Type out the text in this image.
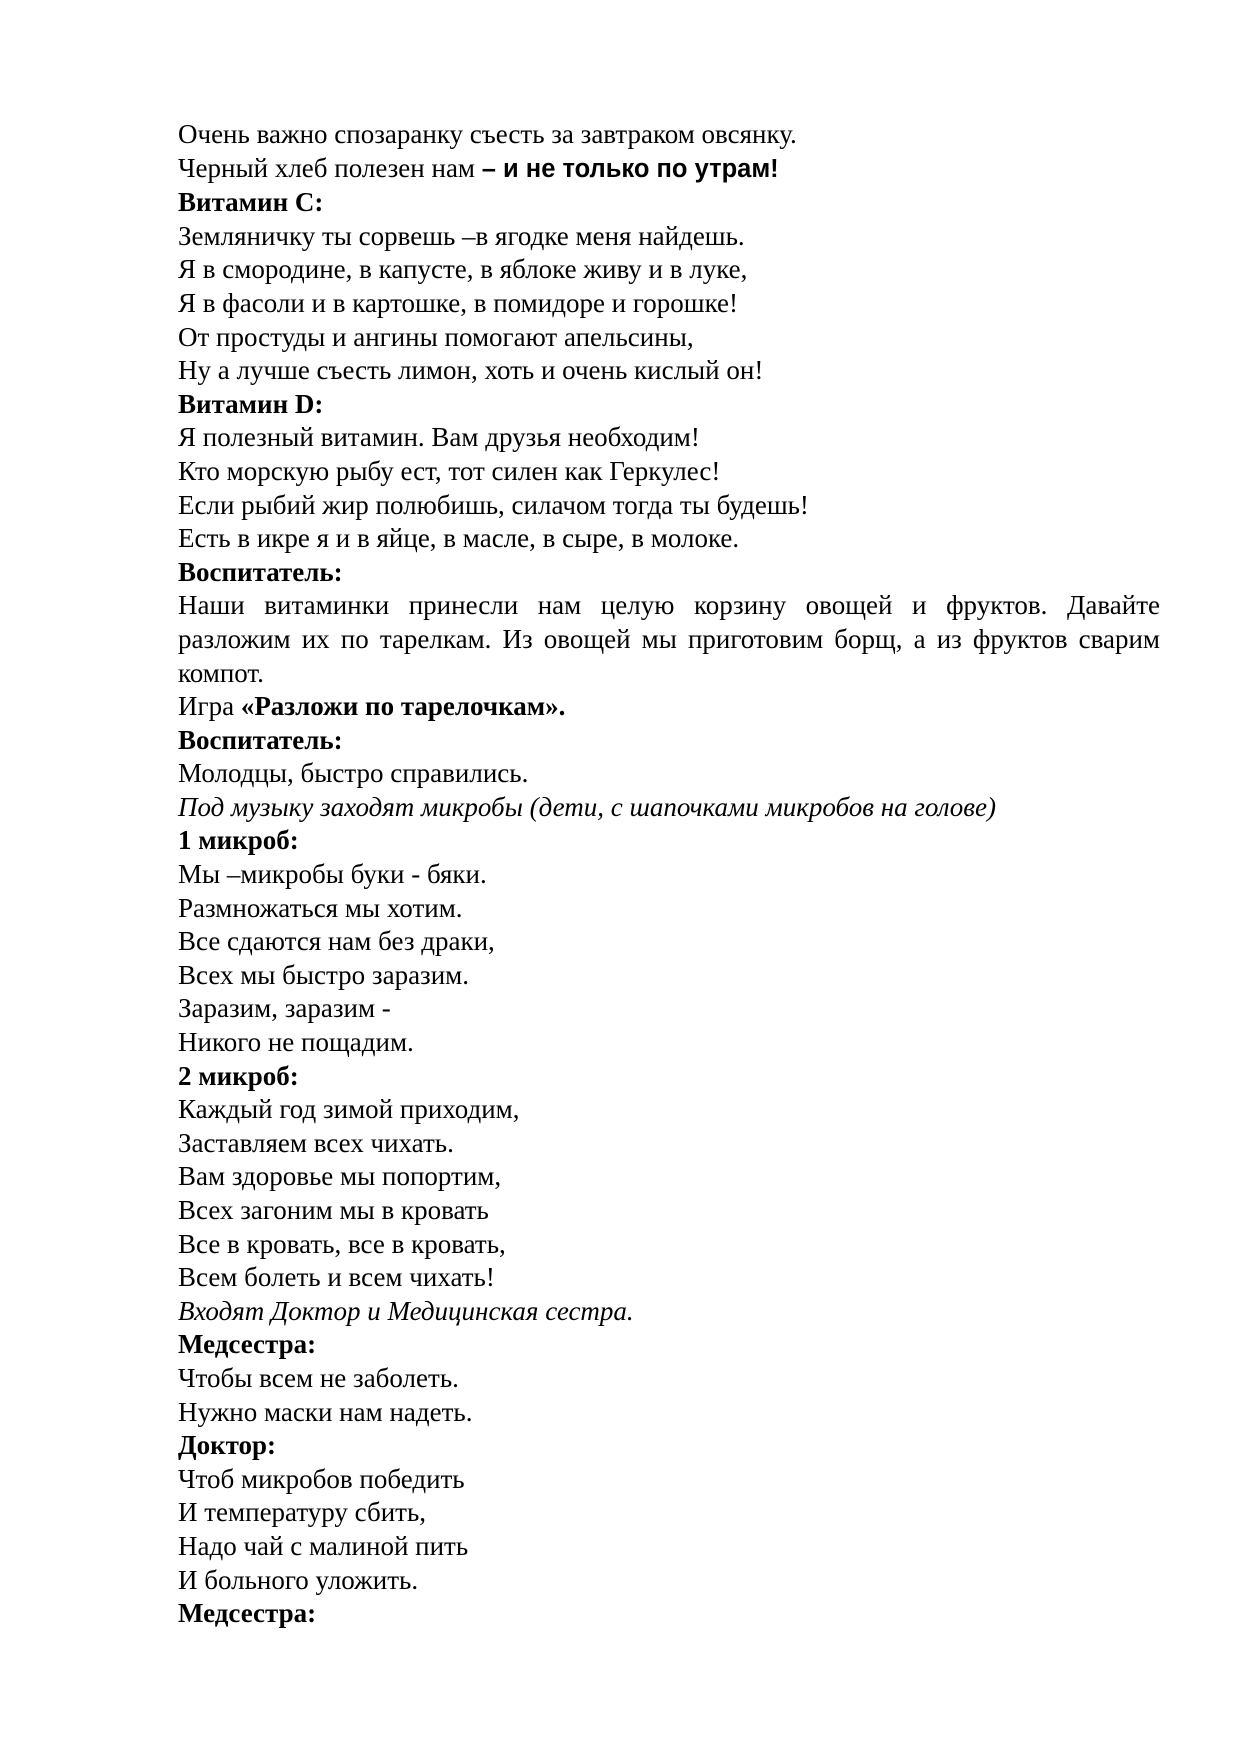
Очень важно спозаранку съесть за завтраком овсянку.
Черный хлеб полезен нам – и не только по утрам!
Витамин С:
Земляничку ты сорвешь –в ягодке меня найдешь.
Я в смородине, в капусте, в яблоке живу и в луке,
Я в фасоли и в картошке, в помидоре и горошке!
От простуды и ангины помогают апельсины,
Ну а лучше съесть лимон, хоть и очень кислый он!
Витамин D:
Я полезный витамин. Вам друзья необходим!
Кто морскую рыбу ест, тот силен как Геркулес!
Если рыбий жир полюбишь, силачом тогда ты будешь!
Есть в икре я и в яйце, в масле, в сыре, в молоке.
Воспитатель:
Наши витаминки принесли нам целую корзину овощей и фруктов. Давайте разложим их по тарелкам. Из овощей мы приготовим борщ, а из фруктов сварим компот.
Игра «Разложи по тарелочкам».
Воспитатель:
Молодцы, быстро справились.
Под музыку заходят микробы (дети, с шапочками микробов на голове)
1 микроб:
Мы –микробы буки - бяки.
Размножаться мы хотим.
Все сдаются нам без драки,
Всех мы быстро заразим.
Заразим, заразим -
Никого не пощадим.
2 микроб:
Каждый год зимой приходим,
Заставляем всех чихать.
Вам здоровье мы попортим,
Всех загоним мы в кровать
Все в кровать, все в кровать,
Всем болеть и всем чихать!
Входят Доктор и Медицинская сестра.
Медсестра:
Чтобы всем не заболеть.
Нужно маски нам надеть.
Доктор:
Чтоб микробов победить
И температуру сбить,
Надо чай с малиной пить
И больного уложить.
Медсестра:
